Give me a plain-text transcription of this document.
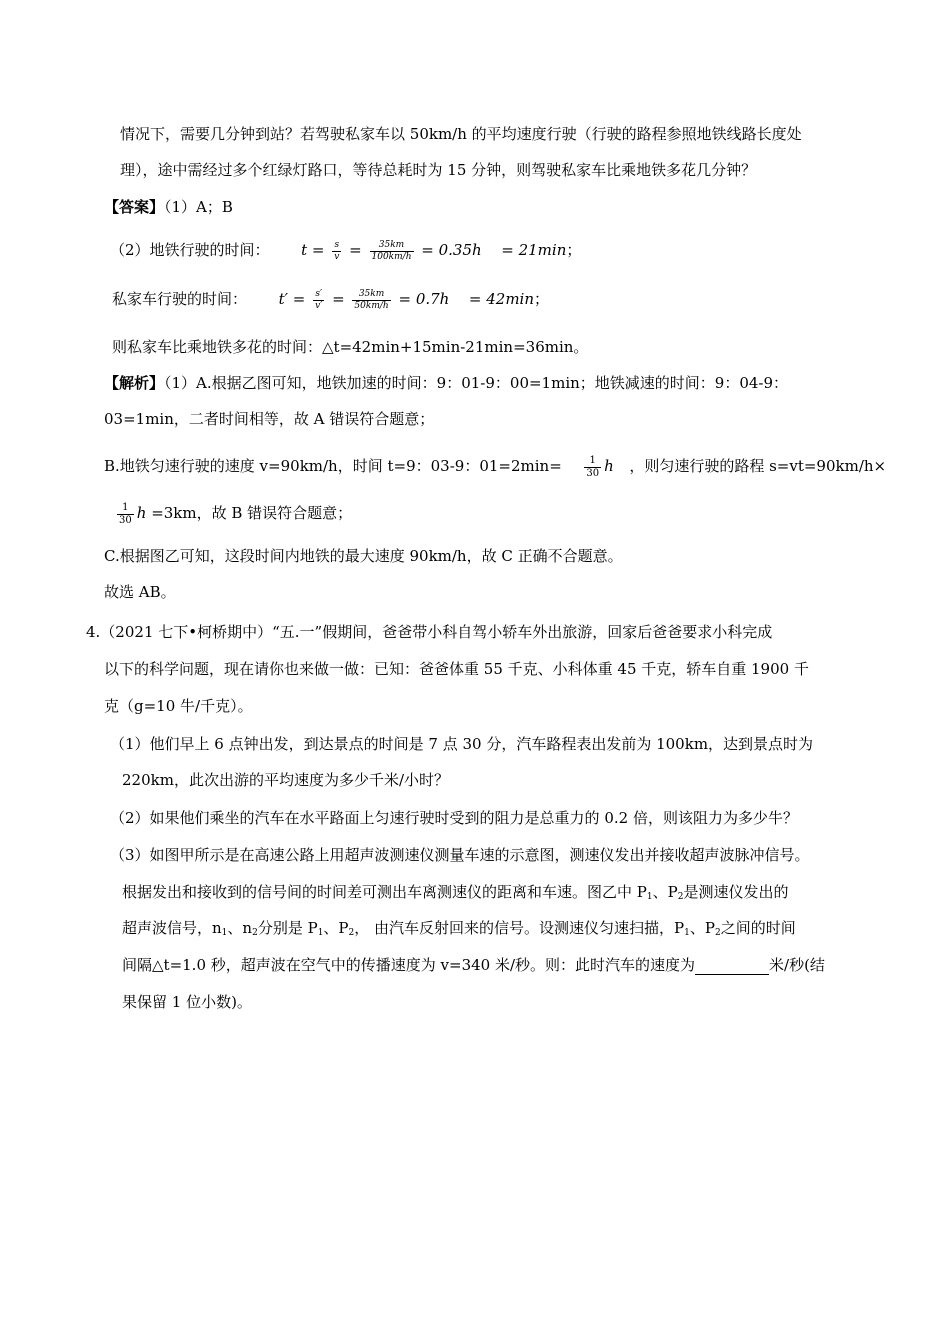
情况下，需要几分钟到站？若驾驶私家车以 50km/h 的平均速度行驶（行驶的路程参照地铁线路长度处
理），途中需经过多个红绿灯路口，等待总耗时为 15 分钟，则驾驶私家车比乘地铁多花几分钟？
【答案】（1）A；B
（2）地铁行驶的时间： $t = \frac{s}{v} = \frac{35km}{\text{100km/ℎ}}$ = 0.35ℎ = 21min；
私家车行驶的时间： $t' = \frac{s'}{v'} = \frac{35km}{\text{50km/ℎ}}$ = 0.7ℎ = 42min；
则私家车比乘地铁多花的时间：△t=42min+15min-21min=36min。
【解析】（1）A.根据乙图可知，地铁加速的时间：9：01-9：00=1min；地铁减速的时间：9：04-9：
03=1min，二者时间相等，故 A 错误符合题意；
B.地铁匀速行驶的速度 v=90km/h，时间 t=9：03-9：$01=2\min= \frac{1}{30}$ ℎ ，则匀速行驶的路程 s=vt=90km/h×
$\frac{1}{30}$ ℎ =3km，故 B 错误符合题意；
C.根据图乙可知，这段时间内地铁的最大速度 90km/h，故 C 正确不合题意。
故选 AB。
4.（2021 七下•柯桥期中）“五.一”假期间，爸爸带小科自驾小轿车外出旅游，回家后爸爸要求小科完成
以下的科学问题，现在请你也来做一做：已知：爸爸体重 55 千克、小科体重 45 千克，轿车自重 1900 千
克（g=10 牛/千克）。
（1）他们早上 6 点钟出发，到达景点的时间是 7 点 30 分，汽车路程表出发前为 100km，达到景点时为
220km，此次出游的平均速度为多少千米/小时？
（2）如果他们乘坐的汽车在水平路面上匀速行驶时受到的阻力是总重力的 0.2 倍，则该阻力为多少牛？
（3）如图甲所示是在高速公路上用超声波测速仪测量车速的示意图，测速仪发出并接收超声波脉冲信号。
根据发出和接收到的信号间的时间差可测出车离测速仪的距离和车速。图乙中 $P_1$、$P_2$是测速仪发出的
超声波信号，$n_1$、$n_2$分别是 $P_1$、$P_2$， 由汽车反射回来的信号。设测速仪匀速扫描，$P_1$、$P_2$之间的时间
间隔△t=1.0 秒，超声波在空气中的传播速度为 v=340 米/秒。则：此时汽车的速度为	米/秒(结
果保留 1 位小数)。
